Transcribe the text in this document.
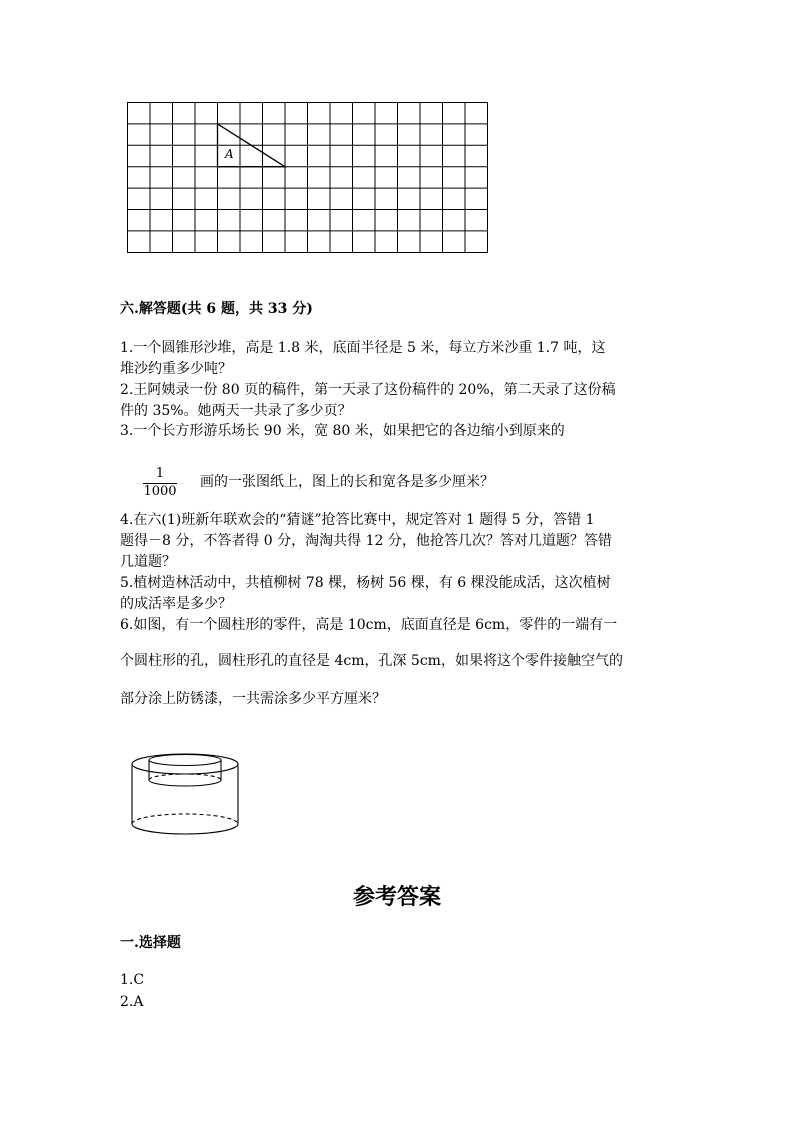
A
六.解答题(共 6 题，共 33 分)
1.一个圆锥形沙堆，高是 1.8 米，底面半径是 5 米，每立方米沙重 1.7 吨，这
堆沙约重多少吨？
2.王阿姨录一份 80 页的稿件，第一天录了这份稿件的 20%，第二天录了这份稿
件的 35%。她两天一共录了多少页？
3.一个长方形游乐场长 90 米，宽 80 米，如果把它的各边缩小到原来的
$\frac{1}{1000}$ 画的一张图纸上，图上的长和宽各是多少厘米？
4.在六(1)班新年联欢会的“猜谜”抢答比赛中，规定答对 1 题得 5 分，答错 1
题得－8 分，不答者得 0 分，淘淘共得 12 分，他抢答几次？答对几道题？答错
几道题？
5.植树造林活动中，共植柳树 78 棵，杨树 56 棵，有 6 棵没能成活，这次植树
的成活率是多少？
6.如图，有一个圆柱形的零件，高是 10cm，底面直径是 6cm，零件的一端有一
个圆柱形的孔，圆柱形孔的直径是 4cm，孔深 5cm，如果将这个零件接触空气的
部分涂上防锈漆，一共需涂多少平方厘米？
参考答案
一.选择题
1.C
2.A
